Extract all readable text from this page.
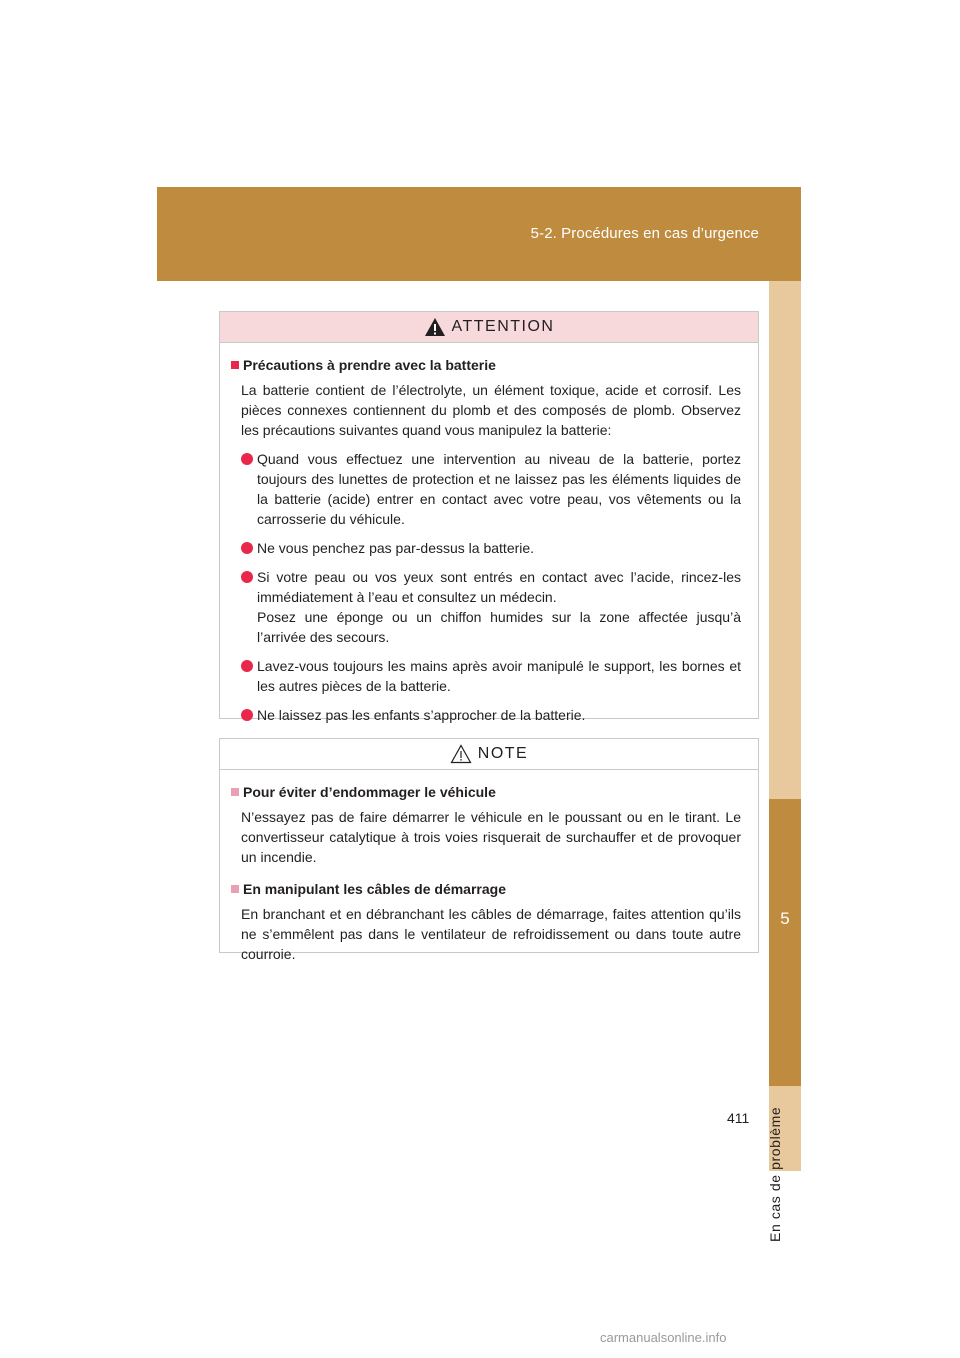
5-2. Procédures en cas d’urgence
5
En cas de problème
ATTENTION
Précautions à prendre avec la batterie
La batterie contient de l’électrolyte, un élément toxique, acide et corrosif. Les pièces connexes contiennent du plomb et des composés de plomb. Observez les précautions suivantes quand vous manipulez la batterie:
Quand vous effectuez une intervention au niveau de la batterie, portez toujours des lunettes de protection et ne laissez pas les éléments liquides de la batterie (acide) entrer en contact avec votre peau, vos vêtements ou la carrosserie du véhicule.
Ne vous penchez pas par-dessus la batterie.
Si votre peau ou vos yeux sont entrés en contact avec l’acide, rincez-les immédiatement à l’eau et consultez un médecin.
Posez une éponge ou un chiffon humides sur la zone affectée jusqu’à l’arrivée des secours.
Lavez-vous toujours les mains après avoir manipulé le support, les bornes et les autres pièces de la batterie.
Ne laissez pas les enfants s’approcher de la batterie.
NOTE
Pour éviter d’endommager le véhicule
N’essayez pas de faire démarrer le véhicule en le poussant ou en le tirant. Le convertisseur catalytique à trois voies risquerait de surchauffer et de provoquer un incendie.
En manipulant les câbles de démarrage
En branchant et en débranchant les câbles de démarrage, faites attention qu’ils ne s’emmêlent pas dans le ventilateur de refroidissement ou dans toute autre courroie.
411
carmanualsonline.info
